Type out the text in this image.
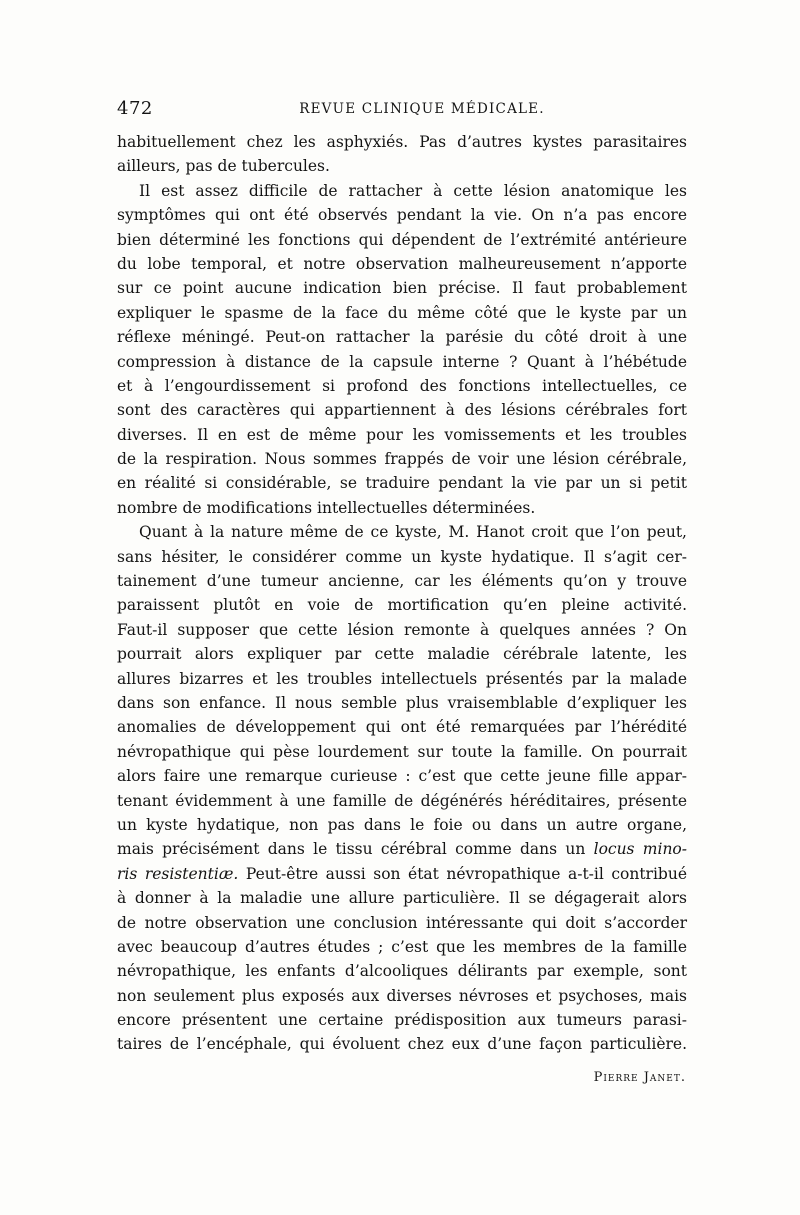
472	REVUE CLINIQUE MÉDICALE.
habituellement chez les asphyxiés. Pas d’autres kystes parasitaires
ailleurs, pas de tubercules.
Il est assez difficile de rattacher à cette lésion anatomique les
symptômes qui ont été observés pendant la vie. On n’a pas encore
bien déterminé les fonctions qui dépendent de l’extrémité antérieure
du lobe temporal, et notre observation malheureusement n’apporte
sur ce point aucune indication bien précise. Il faut probablement
expliquer le spasme de la face du même côté que le kyste par un
réflexe méningé. Peut-on rattacher la parésie du côté droit à une
compression à distance de la capsule interne ? Quant à l’hébétude
et à l’engourdissement si profond des fonctions intellectuelles, ce
sont des caractères qui appartiennent à des lésions cérébrales fort
diverses. Il en est de même pour les vomissements et les troubles
de la respiration. Nous sommes frappés de voir une lésion cérébrale,
en réalité si considérable, se traduire pendant la vie par un si petit
nombre de modifications intellectuelles déterminées.
Quant à la nature même de ce kyste, M. Hanot croit que l’on peut,
sans hésiter, le considérer comme un kyste hydatique. Il s’agit cer-
tainement d’une tumeur ancienne, car les éléments qu’on y trouve
paraissent plutôt en voie de mortification qu’en pleine activité.
Faut-il supposer que cette lésion remonte à quelques années ? On
pourrait alors expliquer par cette maladie cérébrale latente, les
allures bizarres et les troubles intellectuels présentés par la malade
dans son enfance. Il nous semble plus vraisemblable d’expliquer les
anomalies de développement qui ont été remarquées par l’hérédité
névropathique qui pèse lourdement sur toute la famille. On pourrait
alors faire une remarque curieuse : c’est que cette jeune fille appar-
tenant évidemment à une famille de dégénérés héréditaires, présente
un kyste hydatique, non pas dans le foie ou dans un autre organe,
mais précisément dans le tissu cérébral comme dans un locus mino-
ris resistentiæ. Peut-être aussi son état névropathique a-t-il contribué
à donner à la maladie une allure particulière. Il se dégagerait alors
de notre observation une conclusion intéressante qui doit s’accorder
avec beaucoup d’autres études ; c’est que les membres de la famille
névropathique, les enfants d’alcooliques délirants par exemple, sont
non seulement plus exposés aux diverses névroses et psychoses, mais
encore présentent une certaine prédisposition aux tumeurs parasi-
taires de l’encéphale, qui évoluent chez eux d’une façon particulière.
Pierre Janet.
